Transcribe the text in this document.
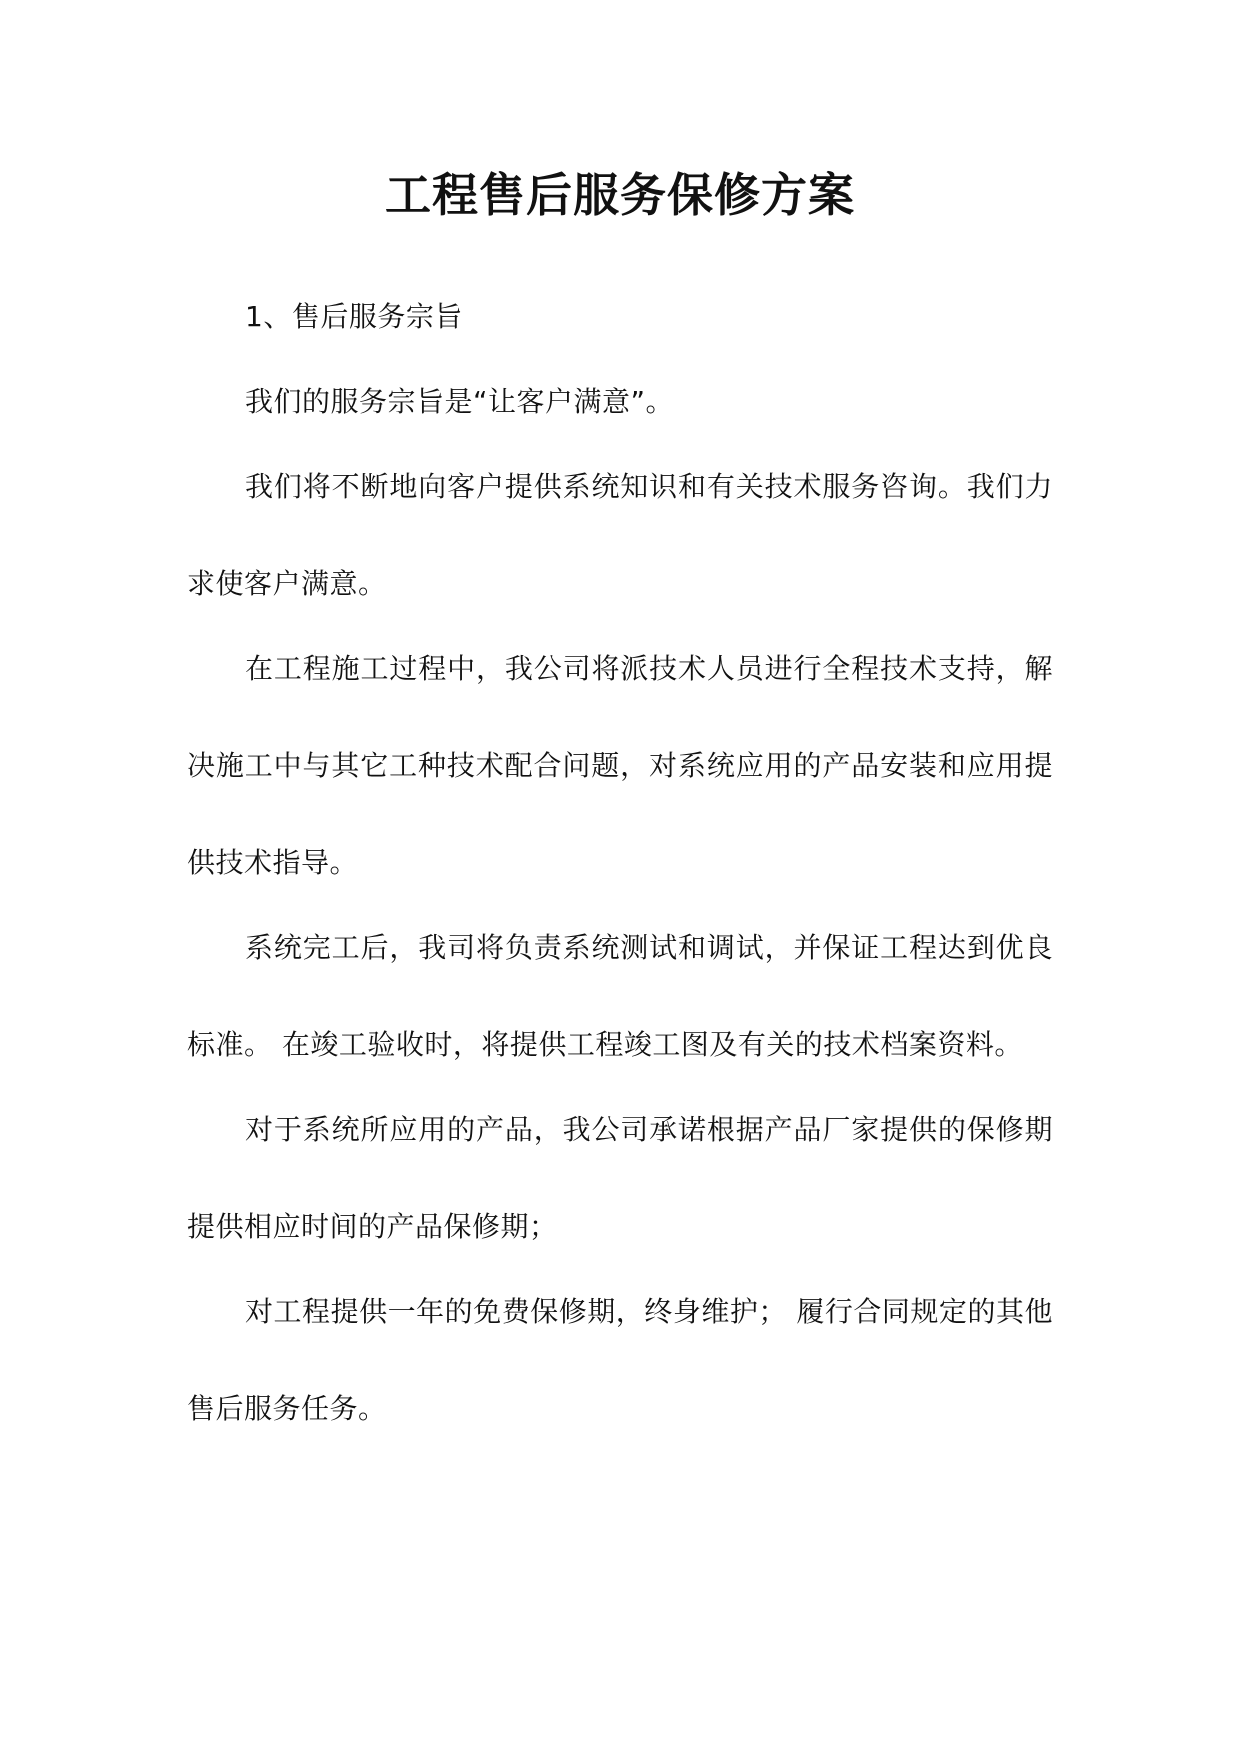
工程售后服务保修方案

1、售后服务宗旨

我们的服务宗旨是“让客户满意”。

我们将不断地向客户提供系统知识和有关技术服务咨询。我们力求使客户满意。

在工程施工过程中，我公司将派技术人员进行全程技术支持，解决施工中与其它工种技术配合问题，对系统应用的产品安装和应用提供技术指导。

系统完工后，我司将负责系统测试和调试，并保证工程达到优良标准。 在竣工验收时，将提供工程竣工图及有关的技术档案资料。

对于系统所应用的产品，我公司承诺根据产品厂家提供的保修期提供相应时间的产品保修期；

对工程提供一年的免费保修期，终身维护； 履行合同规定的其他售后服务任务。
